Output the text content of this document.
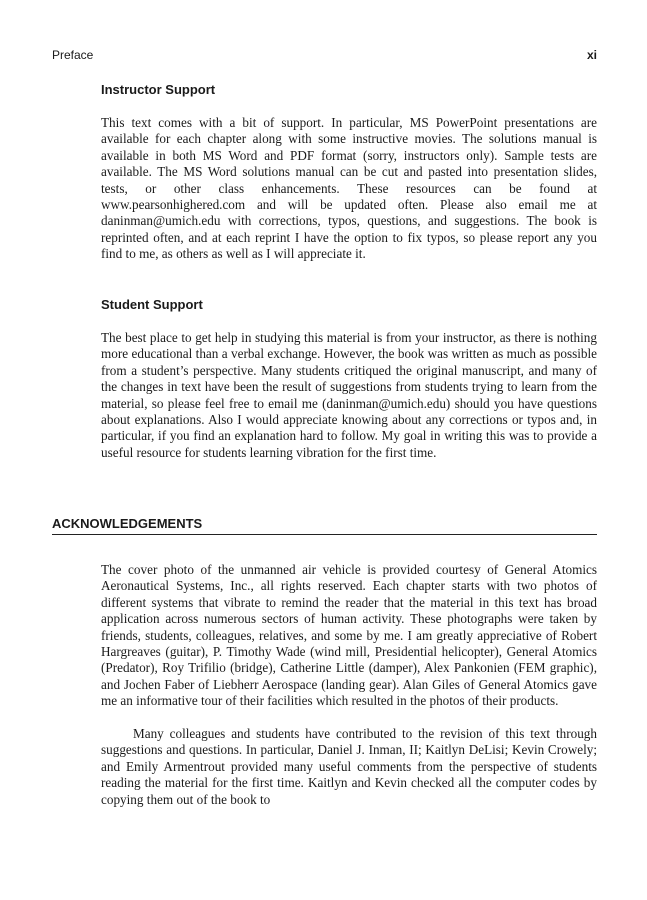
Preface	xi
Instructor Support

This text comes with a bit of support. In particular, MS PowerPoint presentations are available for each chapter along with some instructive movies. The solutions manual is available in both MS Word and PDF format (sorry, instructors only). Sample tests are available. The MS Word solutions manual can be cut and pasted into presentation slides, tests, or other class enhancements. These resources can be found at www.pearsonhighered.com and will be updated often. Please also email me at daninman@umich.edu with corrections, typos, questions, and suggestions. The book is reprinted often, and at each reprint I have the option to fix typos, so please report any you find to me, as others as well as I will appreciate it.

Student Support

The best place to get help in studying this material is from your instructor, as there is nothing more educational than a verbal exchange. However, the book was written as much as possible from a student’s perspective. Many students critiqued the original manuscript, and many of the changes in text have been the result of suggestions from students trying to learn from the material, so please feel free to email me (daninman@umich.edu) should you have questions about explanations. Also I would appreciate knowing about any corrections or typos and, in particular, if you find an explanation hard to follow. My goal in writing this was to provide a useful resource for students learning vibration for the first time.

ACKNOWLEDGEMENTS

The cover photo of the unmanned air vehicle is provided courtesy of General Atomics Aeronautical Systems, Inc., all rights reserved. Each chapter starts with two photos of different systems that vibrate to remind the reader that the material in this text has broad application across numerous sectors of human activity. These photographs were taken by friends, students, colleagues, relatives, and some by me. I am greatly appreciative of Robert Hargreaves (guitar), P. Timothy Wade (wind mill, Presidential helicopter), General Atomics (Predator), Roy Trifilio (bridge), Catherine Little (damper), Alex Pankonien (FEM graphic), and Jochen Faber of Liebherr Aerospace (landing gear). Alan Giles of General Atomics gave me an informative tour of their facilities which resulted in the photos of their products.

Many colleagues and students have contributed to the revision of this text through suggestions and questions. In particular, Daniel J. Inman, II; Kaitlyn DeLisi; Kevin Crowely; and Emily Armentrout provided many useful comments from the perspective of students reading the material for the first time. Kaitlyn and Kevin checked all the computer codes by copying them out of the book to
